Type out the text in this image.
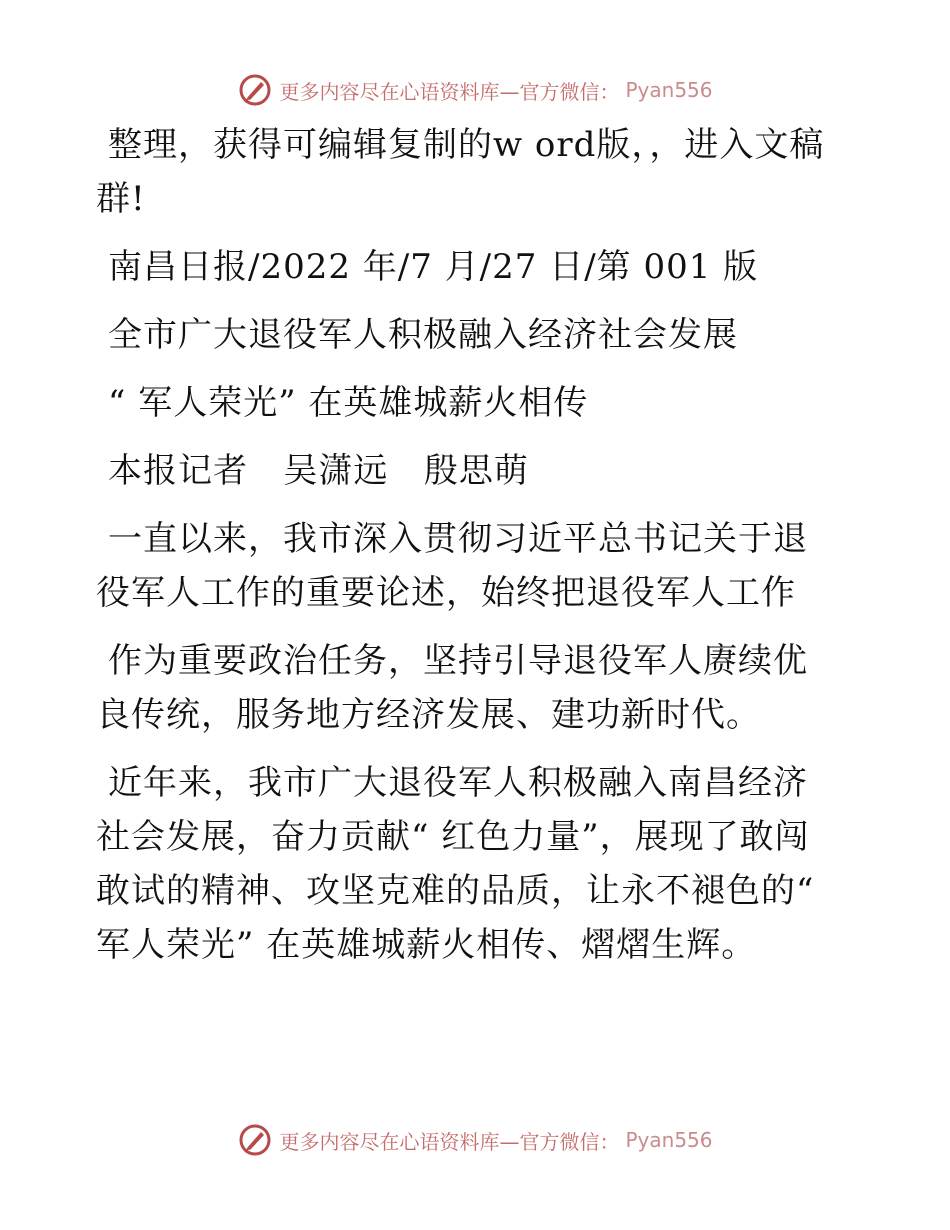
更多内容尽在心语资料库—官方微信： Pyan556

整理，获得可编辑复制的w ord版，，进入文稿群!

南昌日报/2022 年/7 月/27 日/第 001 版

全市广大退役军人积极融入经济社会发展

“ 军人荣光” 在英雄城薪火相传

本报记者   吴潇远   殷思萌

一直以来，我市深入贯彻习近平总书记关于退役军人工作的重要论述，始终把退役军人工作

作为重要政治任务，坚持引导退役军人赓续优良传统，服务地方经济发展、建功新时代。

近年来，我市广大退役军人积极融入南昌经济社会发展，奋力贡献“ 红色力量”，展现了敢闯敢试的精神、攻坚克难的品质，让永不褪色的“ 军人荣光” 在英雄城薪火相传、熠熠生辉。

更多内容尽在心语资料库—官方微信： Pyan556
